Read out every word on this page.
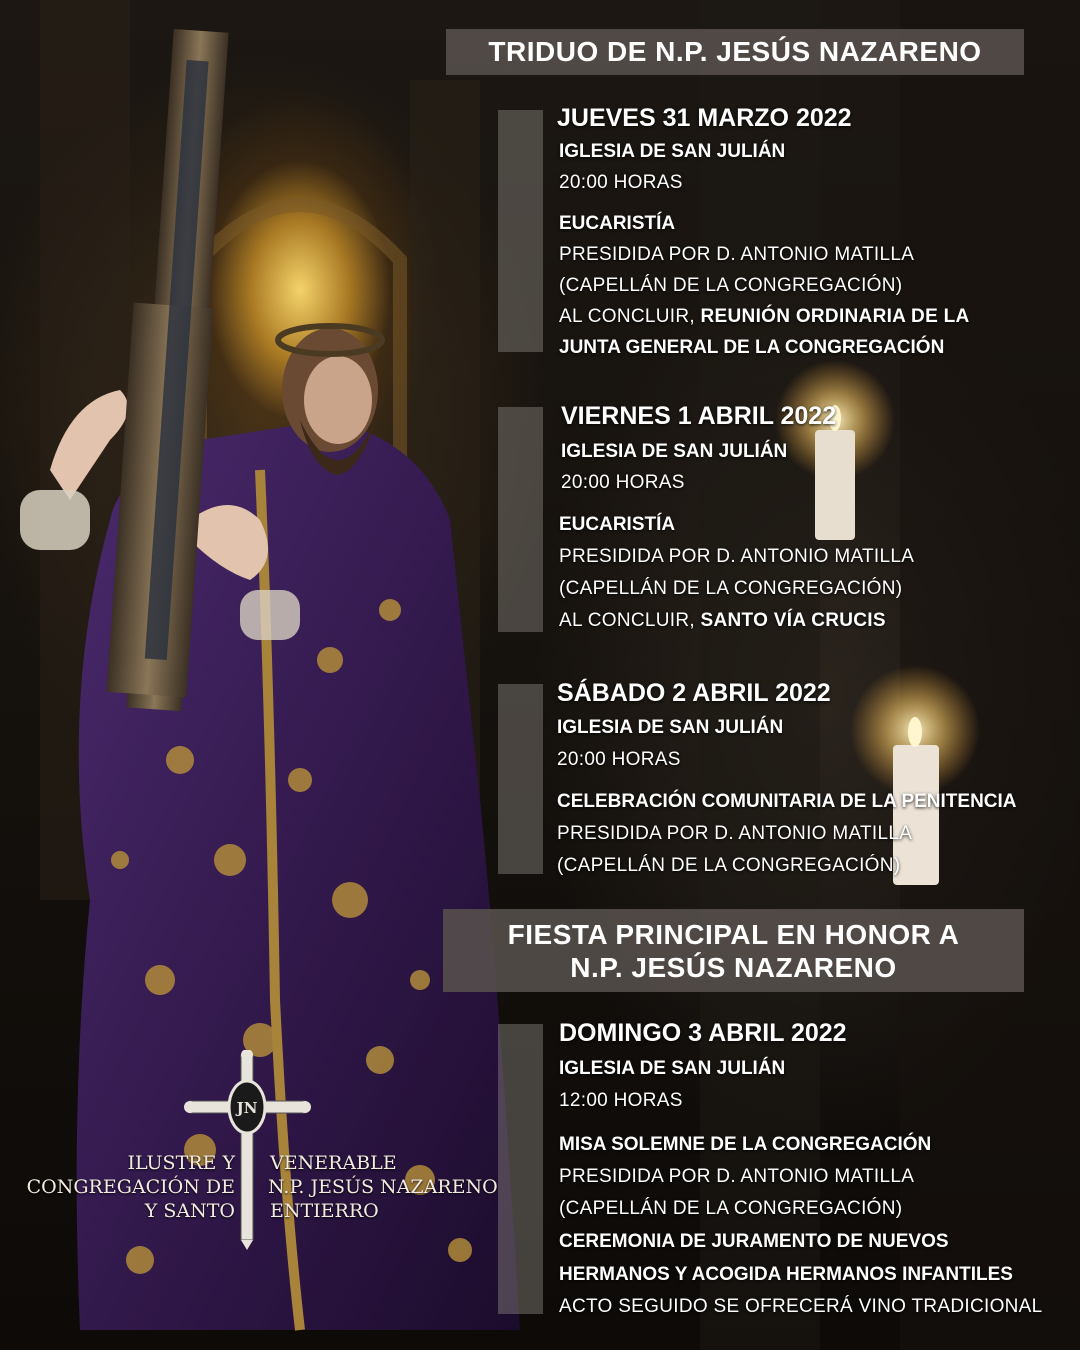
TRIDUO DE N.P. JESÚS NAZARENO
JUEVES 31 MARZO 2022
IGLESIA DE SAN JULIÁN
20:00 HORAS
EUCARISTÍA
PRESIDIDA POR D. ANTONIO MATILLA
(CAPELLÁN DE LA CONGREGACIÓN)
AL CONCLUIR, REUNIÓN ORDINARIA DE LA
JUNTA GENERAL DE LA CONGREGACIÓN
VIERNES 1 ABRIL 2022
IGLESIA DE SAN JULIÁN
20:00 HORAS
EUCARISTÍA
PRESIDIDA POR D. ANTONIO MATILLA
(CAPELLÁN DE LA CONGREGACIÓN)
AL CONCLUIR, SANTO VÍA CRUCIS
SÁBADO 2 ABRIL 2022
IGLESIA DE SAN JULIÁN
20:00 HORAS
CELEBRACIÓN COMUNITARIA DE LA PENITENCIA
PRESIDIDA POR D. ANTONIO MATILLA
(CAPELLÁN DE LA CONGREGACIÓN)
FIESTA PRINCIPAL EN HONOR A
N.P. JESÚS NAZARENO
DOMINGO 3 ABRIL 2022
IGLESIA DE SAN JULIÁN
12:00 HORAS
MISA SOLEMNE DE LA CONGREGACIÓN
PRESIDIDA POR D. ANTONIO MATILLA
(CAPELLÁN DE LA CONGREGACIÓN)
CEREMONIA DE JURAMENTO DE NUEVOS
HERMANOS Y ACOGIDA HERMANOS INFANTILES
ACTO SEGUIDO SE OFRECERÁ VINO TRADICIONAL
JN
ILUSTRE Y
CONGREGACIÓN DE
Y SANTO
VENERABLE
N.P. JESÚS NAZARENO
ENTIERRO
